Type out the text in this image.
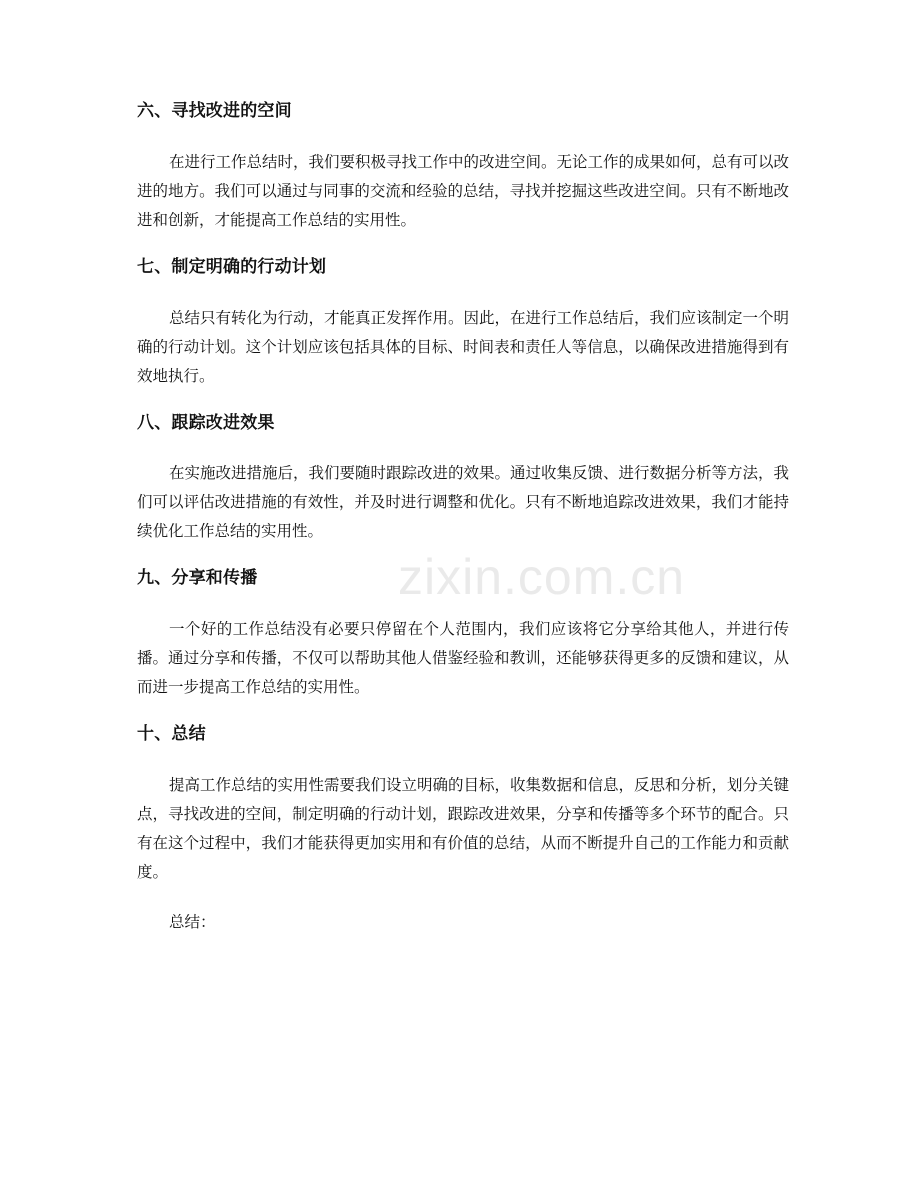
六、寻找改进的空间

在进行工作总结时，我们要积极寻找工作中的改进空间。无论工作的成果如何，总有可以改进的地方。我们可以通过与同事的交流和经验的总结，寻找并挖掘这些改进空间。只有不断地改进和创新，才能提高工作总结的实用性。

七、制定明确的行动计划

总结只有转化为行动，才能真正发挥作用。因此，在进行工作总结后，我们应该制定一个明确的行动计划。这个计划应该包括具体的目标、时间表和责任人等信息，以确保改进措施得到有效地执行。

八、跟踪改进效果

在实施改进措施后，我们要随时跟踪改进的效果。通过收集反馈、进行数据分析等方法，我们可以评估改进措施的有效性，并及时进行调整和优化。只有不断地追踪改进效果，我们才能持续优化工作总结的实用性。

九、分享和传播

一个好的工作总结没有必要只停留在个人范围内，我们应该将它分享给其他人，并进行传播。通过分享和传播，不仅可以帮助其他人借鉴经验和教训，还能够获得更多的反馈和建议，从而进一步提高工作总结的实用性。

十、总结

提高工作总结的实用性需要我们设立明确的目标，收集数据和信息，反思和分析，划分关键点，寻找改进的空间，制定明确的行动计划，跟踪改进效果，分享和传播等多个环节的配合。只有在这个过程中，我们才能获得更加实用和有价值的总结，从而不断提升自己的工作能力和贡献度。

总结：

zixin.com.cn
